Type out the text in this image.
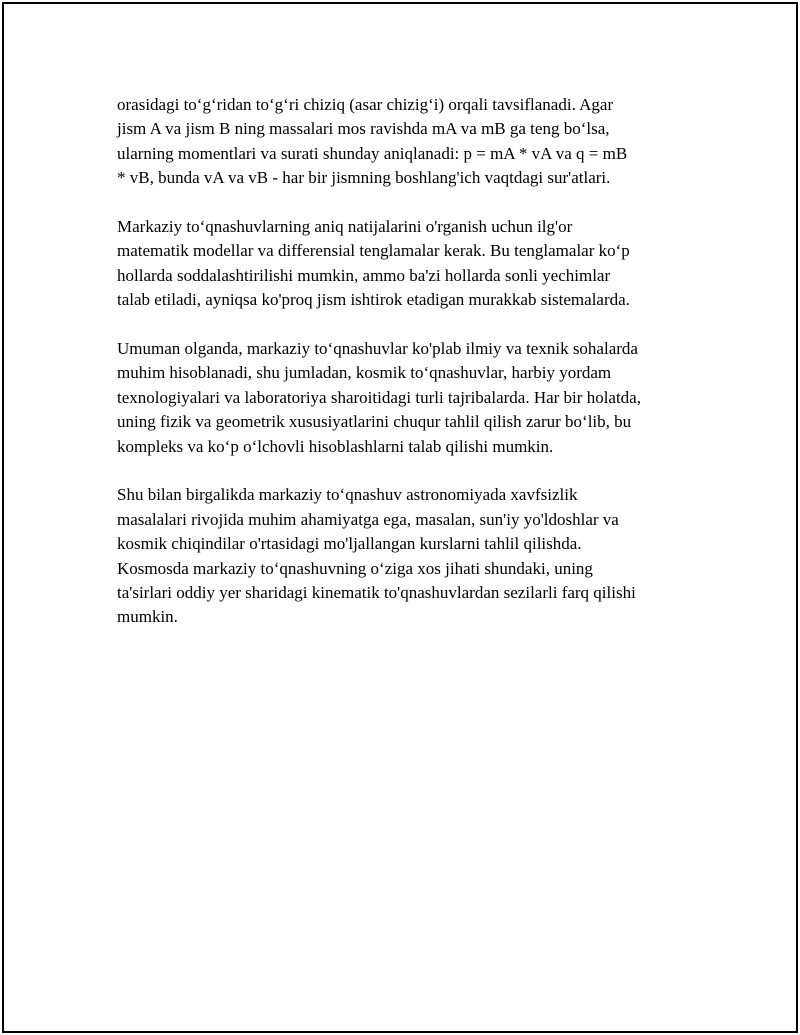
orasidagi to‘g‘ridan to‘g‘ri chiziq (asar chizig‘i) orqali tavsiflanadi. Agar
jism A va jism B ning massalari mos ravishda mA va mB ga teng bo‘lsa,
ularning momentlari va surati shunday aniqlanadi: p = mA * vA va q = mB
* vB, bunda vA va vB - har bir jismning boshlang'ich vaqtdagi sur'atlari.

Markaziy to‘qnashuvlarning aniq natijalarini o'rganish uchun ilg'or
matematik modellar va differensial tenglamalar kerak. Bu tenglamalar ko‘p
hollarda soddalashtirilishi mumkin, ammo ba'zi hollarda sonli yechimlar
talab etiladi, ayniqsa ko'proq jism ishtirok etadigan murakkab sistemalarda.

Umuman olganda, markaziy to‘qnashuvlar ko'plab ilmiy va texnik sohalarda
muhim hisoblanadi, shu jumladan, kosmik to‘qnashuvlar, harbiy yordam
texnologiyalari va laboratoriya sharoitidagi turli tajribalarda. Har bir holatda,
uning fizik va geometrik xususiyatlarini chuqur tahlil qilish zarur bo‘lib, bu
kompleks va ko‘p o‘lchovli hisoblashlarni talab qilishi mumkin.

Shu bilan birgalikda markaziy to‘qnashuv astronomiyada xavfsizlik
masalalari rivojida muhim ahamiyatga ega, masalan, sun'iy yo'ldoshlar va
kosmik chiqindilar o'rtasidagi mo'ljallangan kurslarni tahlil qilishda.
Kosmosda markaziy to‘qnashuvning o‘ziga xos jihati shundaki, uning
ta'sirlari oddiy yer sharidagi kinematik to'qnashuvlardan sezilarli farq qilishi
mumkin.
